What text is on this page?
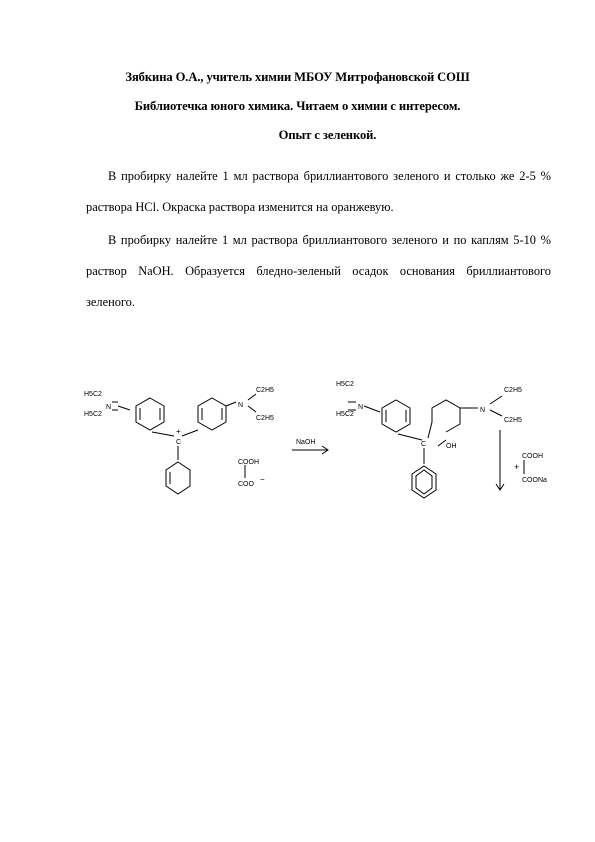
Зябкина О.А., учитель химии МБОУ Митрофановской СОШ
Библиотечка юного химика. Читаем о химии с интересом.
Опыт с зеленкой.

В пробирку налейте 1 мл раствора бриллиантового зеленого и столько же 2-5 % раствора HCl. Окраска раствора изменится на оранжевую.

В пробирку налейте 1 мл раствора бриллиантового зеленого и по каплям 5-10 % раствор NaOH. Образуется бледно-зеленый осадок основания бриллиантового зеленого.

H5C2
H5C2
N	N
C2H5
C2H5
C
+
COOH
COO
−
NaOH
H5C2
H5C2
N	N
C2H5
C2H5
C	OH
+
COOH
COONa
